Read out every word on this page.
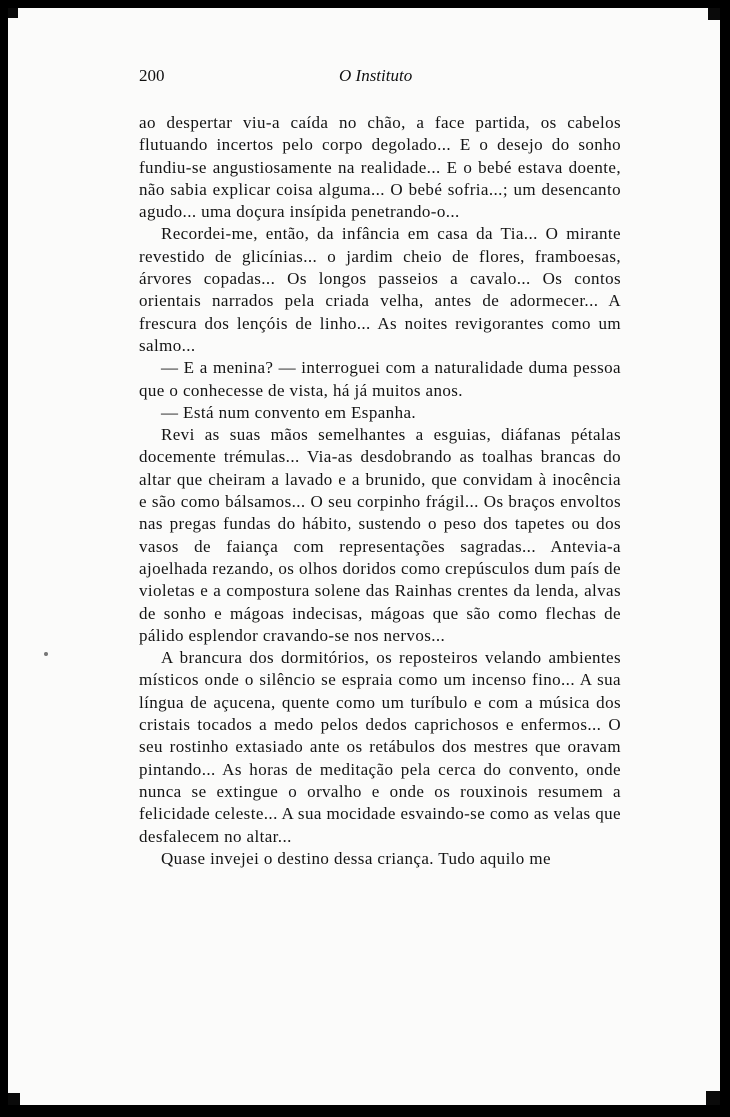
200	O Instituto

ao despertar viu-a caída no chão, a face partida, os cabelos flutuando incertos pelo corpo degolado... E o desejo do sonho fundiu-se angustiosamente na realidade... E o bebé estava doente, não sabia explicar coisa alguma... O bebé sofria...; um desencanto agudo... uma doçura insípida penetrando-o...

Recordei-me, então, da infância em casa da Tia... O mirante revestido de glicínias... o jardim cheio de flores, framboesas, árvores copadas... Os longos passeios a cavalo... Os contos orientais narrados pela criada velha, antes de adormecer... A frescura dos lençóis de linho... As noites revigorantes como um salmo...

— E a menina? — interroguei com a naturalidade duma pessoa que o conhecesse de vista, há já muitos anos.

— Está num convento em Espanha.

Revi as suas mãos semelhantes a esguias, diáfanas pétalas docemente trémulas... Via-as desdobrando as toalhas brancas do altar que cheiram a lavado e a brunido, que convidam à inocência e são como bálsamos... O seu corpinho frágil... Os braços envoltos nas pregas fundas do hábito, sustendo o peso dos tapetes ou dos vasos de faiança com representações sagradas... Antevia-a ajoelhada rezando, os olhos doridos como crepúsculos dum país de violetas e a compostura solene das Rainhas crentes da lenda, alvas de sonho e mágoas indecisas, mágoas que são como flechas de pálido esplendor cravando-se nos nervos...

A brancura dos dormitórios, os reposteiros velando ambientes místicos onde o silêncio se espraia como um incenso fino... A sua língua de açucena, quente como um turíbulo e com a música dos cristais tocados a medo pelos dedos caprichosos e enfermos... O seu rostinho extasiado ante os retábulos dos mestres que oravam pintando... As horas de meditação pela cerca do convento, onde nunca se extingue o orvalho e onde os rouxinois resumem a felicidade celeste... A sua mocidade esvaindo-se como as velas que desfalecem no altar...

Quase invejei o destino dessa criança. Tudo aquilo me
